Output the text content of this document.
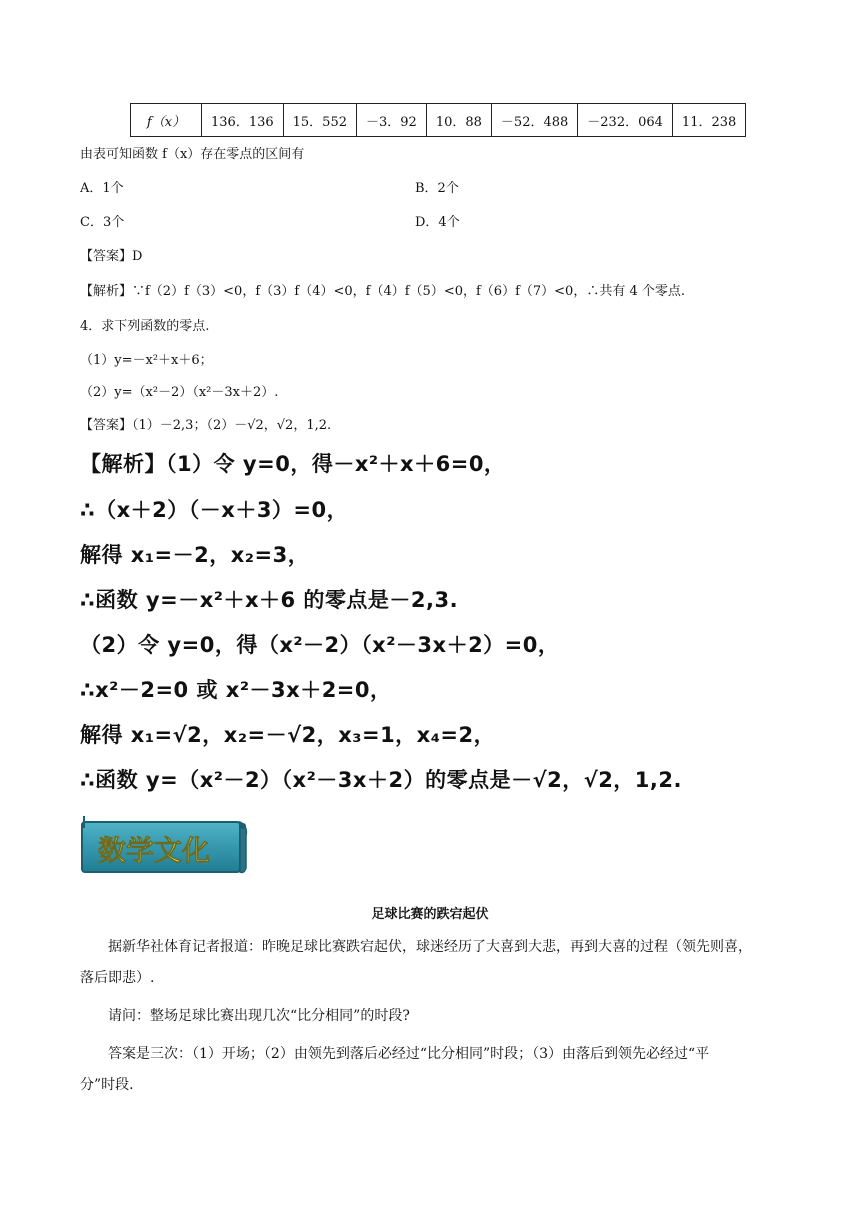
f（x）	136．136	15．552	－3．92	10．88	－52．488	－232．064	11．238
由表可知函数 f（x）存在零点的区间有
A．1个	B．2个
C．3个	D．4个
【答案】D
【解析】∵f（2）f（3）<0，f（3）f（4）<0，f（4）f（5）<0，f（6）f（7）<0，∴共有 4 个零点.
4．求下列函数的零点.
（1）y=－x²＋x＋6；
（2）y=（x²－2）（x²－3x＋2）.
【答案】（1）－2,3；（2）－√2，√2，1,2.
【解析】（1）令 y=0，得－x²＋x＋6=0，
∴（x＋2）（－x＋3）=0，
解得 x₁=－2，x₂=3，
∴函数 y=－x²＋x＋6 的零点是－2,3.
（2）令 y=0，得（x²－2）（x²－3x＋2）=0，
∴x²－2=0 或 x²－3x＋2=0，
解得 x₁=√2，x₂=－√2，x₃=1，x₄=2，
∴函数 y=（x²－2）（x²－3x＋2）的零点是－√2，√2，1,2.
数学文化
足球比赛的跌宕起伏
据新华社体育记者报道：昨晚足球比赛跌宕起伏，球迷经历了大喜到大悲，再到大喜的过程（领先则喜，
落后即悲）.
请问：整场足球比赛出现几次“比分相同”的时段?
答案是三次：（1）开场；（2）由领先到落后必经过“比分相同”时段；（3）由落后到领先必经过“平
分”时段.
